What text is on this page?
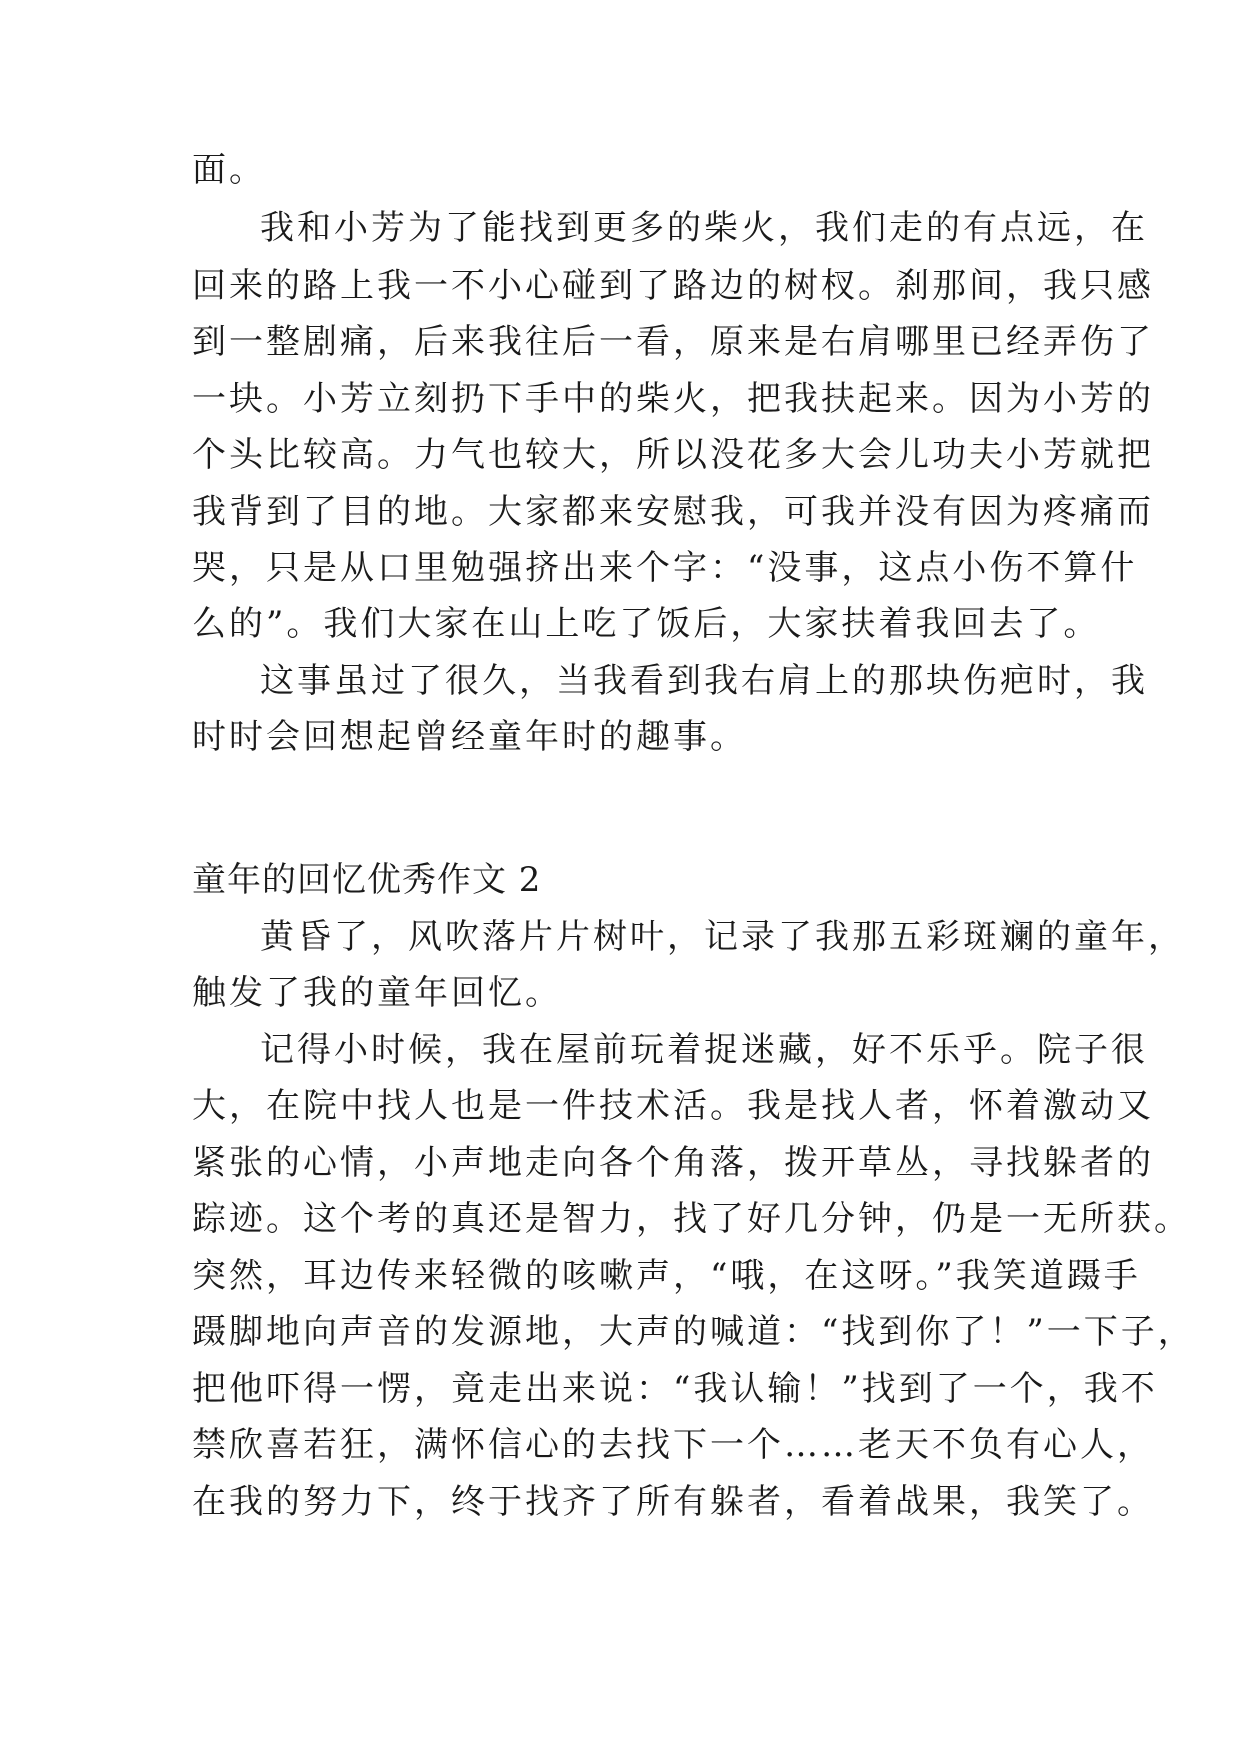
面。
我和小芳为了能找到更多的柴火，我们走的有点远，在
回来的路上我一不小心碰到了路边的树杈。刹那间，我只感
到一整剧痛，后来我往后一看，原来是右肩哪里已经弄伤了
一块。小芳立刻扔下手中的柴火，把我扶起来。因为小芳的
个头比较高。力气也较大，所以没花多大会儿功夫小芳就把
我背到了目的地。大家都来安慰我，可我并没有因为疼痛而
哭，只是从口里勉强挤出来个字：“没事，这点小伤不算什
么的”。我们大家在山上吃了饭后，大家扶着我回去了。
这事虽过了很久，当我看到我右肩上的那块伤疤时，我
时时会回想起曾经童年时的趣事。
童年的回忆优秀作文 2
黄昏了，风吹落片片树叶，记录了我那五彩斑斓的童年，
触发了我的童年回忆。
记得小时候，我在屋前玩着捉迷藏，好不乐乎。院子很
大，在院中找人也是一件技术活。我是找人者，怀着激动又
紧张的心情，小声地走向各个角落，拨开草丛，寻找躲者的
踪迹。这个考的真还是智力，找了好几分钟，仍是一无所获。
突然，耳边传来轻微的咳嗽声，“哦，在这呀。”我笑道蹑手
蹑脚地向声音的发源地，大声的喊道：“找到你了！”一下子，
把他吓得一愣，竟走出来说：“我认输！”找到了一个，我不
禁欣喜若狂，满怀信心的去找下一个……老天不负有心人，
在我的努力下，终于找齐了所有躲者，看着战果，我笑了。
